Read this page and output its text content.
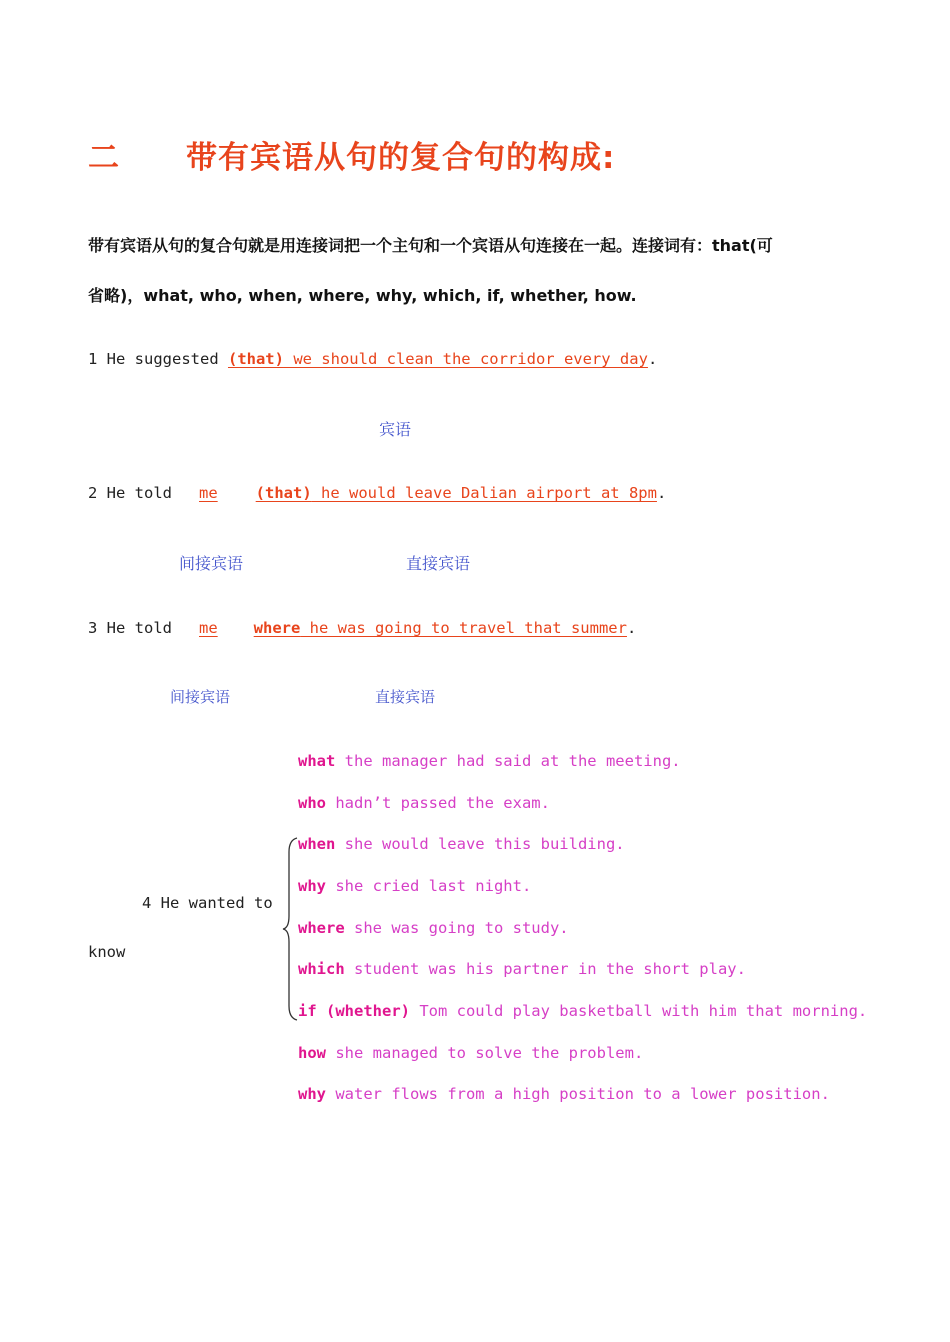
二 带有宾语从句的复合句的构成:
带有宾语从句的复合句就是用连接词把一个主句和一个宾语从句连接在一起。连接词有：that(可
省略)，what, who, when, where, why, which, if, whether, how.
1 He suggested (that) we should clean the corridor every day.
宾语
2 He told me (that) he would leave Dalian airport at 8pm.
间接宾语	直接宾语
3 He told me where he was going to travel that summer.
间接宾语	直接宾语
4 He wanted to
know
what the manager had said at the meeting.
who hadn’t passed the exam.
when she would leave this building.
why she cried last night.
where she was going to study.
which student was his partner in the short play.
if (whether) Tom could play basketball with him that morning.
how she managed to solve the problem.
why water flows from a high position to a lower position.
